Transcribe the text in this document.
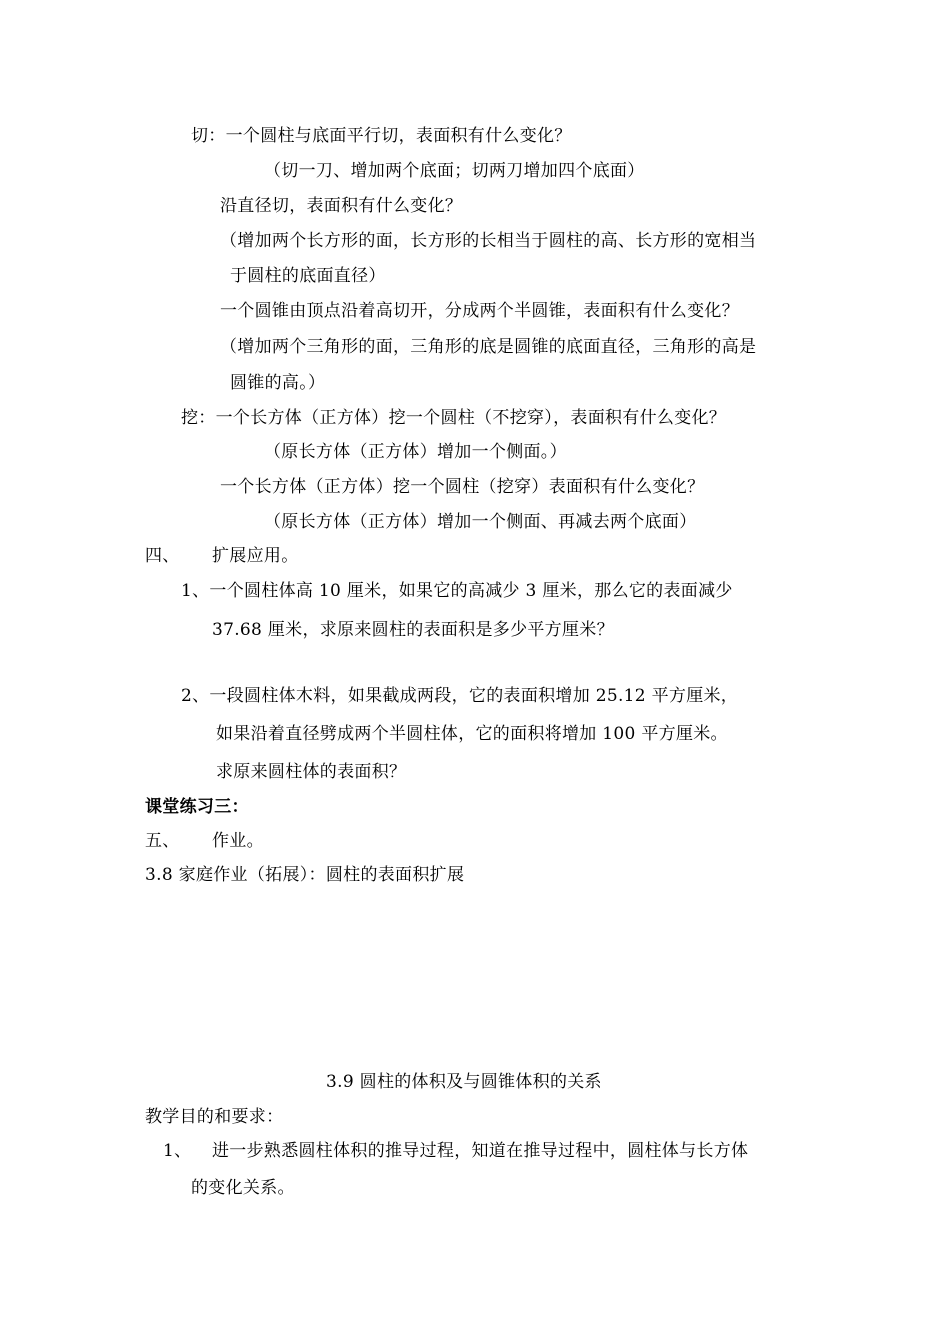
切：一个圆柱与底面平行切，表面积有什么变化？
（切一刀、增加两个底面；切两刀增加四个底面）
沿直径切，表面积有什么变化？
（增加两个长方形的面，长方形的长相当于圆柱的高、长方形的宽相当
于圆柱的底面直径）
一个圆锥由顶点沿着高切开，分成两个半圆锥，表面积有什么变化？
（增加两个三角形的面，三角形的底是圆锥的底面直径，三角形的高是
圆锥的高。）
挖：一个长方体（正方体）挖一个圆柱（不挖穿），表面积有什么变化？
（原长方体（正方体）增加一个侧面。）
一个长方体（正方体）挖一个圆柱（挖穿）表面积有什么变化？
（原长方体（正方体）增加一个侧面、再减去两个底面）
四、 扩展应用。
1、一个圆柱体高 10 厘米，如果它的高减少 3 厘米，那么它的表面减少
37.68 厘米，求原来圆柱的表面积是多少平方厘米？
2、一段圆柱体木料，如果截成两段，它的表面积增加 25.12 平方厘米，
如果沿着直径劈成两个半圆柱体，它的面积将增加 100 平方厘米。
求原来圆柱体的表面积？
课堂练习三：
五、 作业。
3.8 家庭作业（拓展）：圆柱的表面积扩展
3.9 圆柱的体积及与圆锥体积的关系
教学目的和要求：
1、 进一步熟悉圆柱体积的推导过程，知道在推导过程中，圆柱体与长方体
的变化关系。
